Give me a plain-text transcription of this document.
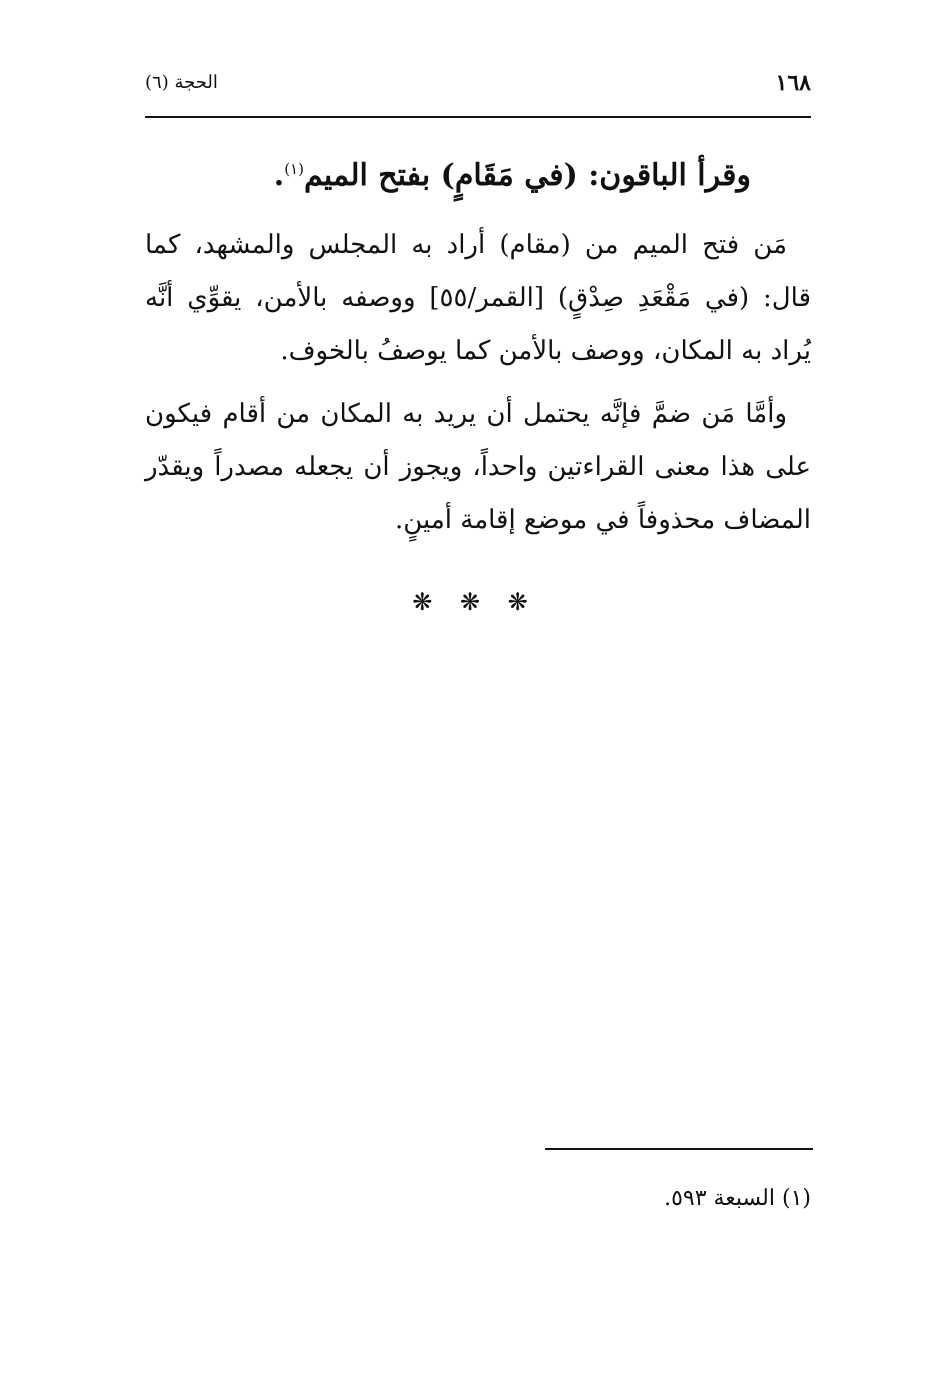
١٦٨
الحجة (٦)

وقرأ الباقون: (في مَقَامٍ) بفتح الميم$^{(١)}$.

مَن فتح الميم من (مقام) أراد به المجلس والمشهد، كما قال: (في مَقْعَدِ صِدْقٍ) [القمر/٥٥] ووصفه بالأمن، يقوِّي أنَّه يُراد به المكان، ووصف بالأمن كما يوصفُ بالخوف.

وأمَّا مَن ضمَّ فإنَّه يحتمل أن يريد به المكان من أقام فيكون على هذا معنى القراءتين واحداً، ويجوز أن يجعله مصدراً ويقدّر المضاف محذوفاً في موضع إقامة أمينٍ.

❋ ❋ ❋
(١) السبعة ٥٩٣.
